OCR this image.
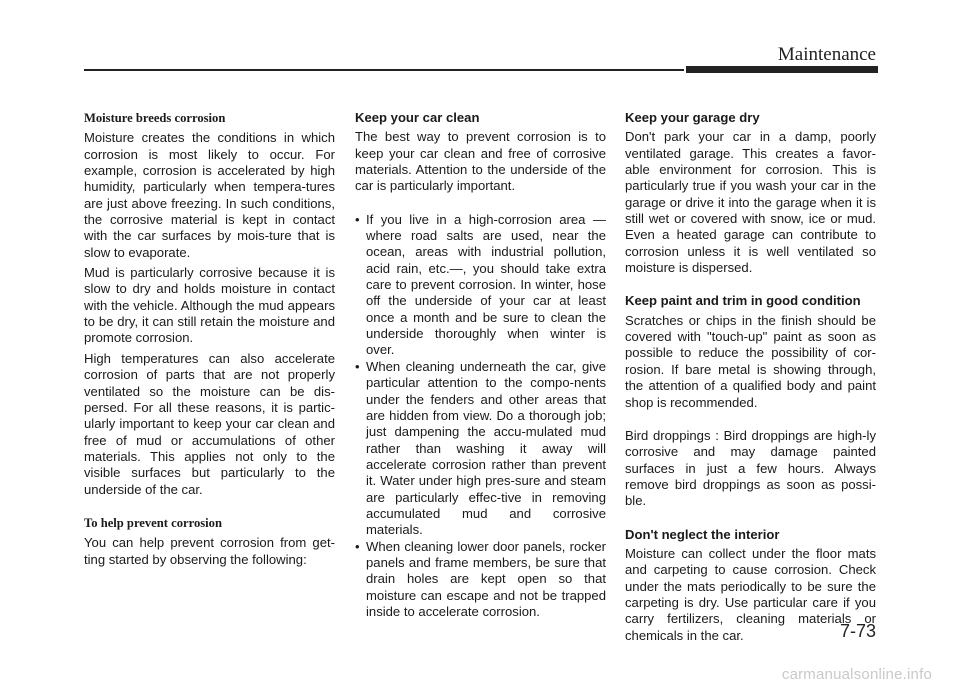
Maintenance

Moisture breeds corrosion

Moisture creates the conditions in which corrosion is most likely to occur. For example, corrosion is accelerated by high humidity, particularly when tempera-tures are just above freezing. In such conditions, the corrosive material is kept in contact with the car surfaces by mois-ture that is slow to evaporate.

Mud is particularly corrosive because it is slow to dry and holds moisture in contact with the vehicle. Although the mud appears to be dry, it can still retain the moisture and promote corrosion.

High temperatures can also accelerate corrosion of parts that are not properly ventilated so the moisture can be dis-persed. For all these reasons, it is partic-ularly important to keep your car clean and free of mud or accumulations of other materials. This applies not only to the visible surfaces but particularly to the underside of the car.

To help prevent corrosion

You can help prevent corrosion from get-ting started by observing the following:

Keep your car clean

The best way to prevent corrosion is to keep your car clean and free of corrosive materials. Attention to the underside of the car is particularly important.

• If you live in a high-corrosion area —where road salts are used, near the ocean, areas with industrial pollution, acid rain, etc.—, you should take extra care to prevent corrosion. In winter, hose off the underside of your car at least once a month and be sure to clean the underside thoroughly when winter is over.
• When cleaning underneath the car, give particular attention to the compo-nents under the fenders and other areas that are hidden from view. Do a thorough job; just dampening the accu-mulated mud rather than washing it away will accelerate corrosion rather than prevent it. Water under high pres-sure and steam are particularly effec-tive in removing accumulated mud and corrosive materials.
• When cleaning lower door panels, rocker panels and frame members, be sure that drain holes are kept open so that moisture can escape and not be trapped inside to accelerate corrosion.

Keep your garage dry

Don't park your car in a damp, poorly ventilated garage. This creates a favor-able environment for corrosion. This is particularly true if you wash your car in the garage or drive it into the garage when it is still wet or covered with snow, ice or mud. Even a heated garage can contribute to corrosion unless it is well ventilated so moisture is dispersed.

Keep paint and trim in good condition

Scratches or chips in the finish should be covered with "touch-up" paint as soon as possible to reduce the possibility of cor-rosion. If bare metal is showing through, the attention of a qualified body and paint shop is recommended.

Bird droppings : Bird droppings are high-ly corrosive and may damage painted surfaces in just a few hours. Always remove bird droppings as soon as possi-ble.

Don't neglect the interior

Moisture can collect under the floor mats and carpeting to cause corrosion. Check under the mats periodically to be sure the carpeting is dry. Use particular care if you carry fertilizers, cleaning materials or chemicals in the car.	7-73
carmanualsonline.info
